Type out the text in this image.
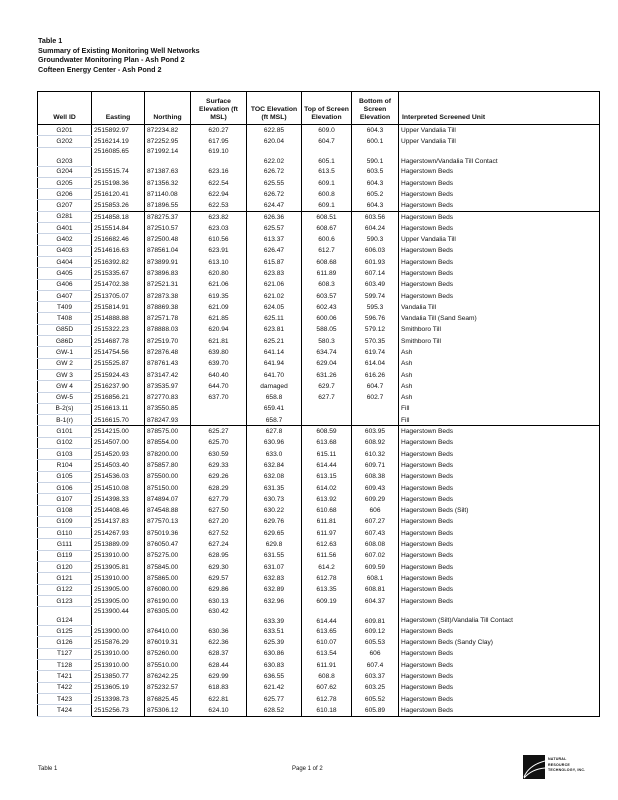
Table 1
Summary of Existing Monitoring Well Networks
Groundwater Monitoring Plan - Ash Pond 2
Cofteen Energy Center - Ash Pond 2
Well ID	Easting	Northing	Surface Elevation (ft MSL)	TOC Elevation (ft MSL)	Top of Screen Elevation	Bottom of Screen Elevation	Interpreted Screened Unit
G201	2515892.97	872234.82	620.27	622.85	609.0	604.3	Upper Vandalia Till
G202	2516214.19	872252.95	617.95	620.04	604.7	600.1	Upper Vandalia Till
G203	2516085.65	871992.14	619.10	622.02	605.1	590.1	Hagerstown/Vandalia Till Contact
G204	2515515.74	871387.63	623.16	626.72	613.5	603.5	Hagerstown Beds
G205	2515198.36	871356.32	622.54	625.55	609.1	604.3	Hagerstown Beds
G206	2516120.41	871140.08	622.94	626.72	600.8	605.2	Hagerstown Beds
G207	2515853.26	871896.55	622.53	624.47	609.1	604.3	Hagerstown Beds
G281	2514858.18	878275.37	623.82	626.36	608.51	603.56	Hagerstown Beds
G401	2515514.84	872510.57	623.03	625.57	608.67	604.24	Hagerstown Beds
G402	2516682.46	872500.48	610.56	613.37	600.6	590.3	Upper Vandalia Till
G403	2514616.63	878561.04	623.91	626.47	612.7	606.03	Hagerstown Beds
G404	2516392.82	873899.91	613.10	615.87	608.68	601.93	Hagerstown Beds
G405	2515335.67	873896.83	620.80	623.83	611.89	607.14	Hagerstown Beds
G406	2514702.38	872521.31	621.06	621.06	608.3	603.49	Hagerstown Beds
G407	2513705.07	872873.38	619.35	621.02	603.57	599.74	Hagerstown Beds
T409	2515814.91	878869.38	621.09	624.05	602.43	595.3	Vandalia Till
T408	2514888.88	872571.78	621.85	625.11	600.06	596.76	Vandalia Till (Sand Seam)
G85D	2515322.23	878888.03	620.94	623.81	588.05	579.12	Smithboro Till
G86D	2514687.78	872519.70	621.81	625.21	580.3	570.35	Smithboro Till
GW-1	2514754.56	872876.48	639.80	641.14	634.74	619.74	Ash
GW 2	2515525.87	878761.43	639.70	641.94	629.04	614.04	Ash
GW 3	2515924.43	873147.42	640.40	641.70	631.26	616.26	Ash
GW 4	2516237.90	873535.97	644.70	damaged	629.7	604.7	Ash
GW-5	2516856.21	872770.83	637.70	658.8	627.7	602.7	Ash
B-2(s)	2516613.11	873550.85		659.41			Fill
B-1(r)	2516615.70	878247.93		658.7			Fill
G101	2514215.00	878575.00	625.27	627.8	608.59	603.95	Hagerstown Beds
G102	2514507.00	878554.00	625.70	630.96	613.68	608.92	Hagerstown Beds
G103	2514520.93	878200.00	630.59	633.0	615.11	610.32	Hagerstown Beds
R104	2514503.40	875857.80	629.33	632.84	614.44	609.71	Hagerstown Beds
G105	2514536.03	875500.00	629.26	632.08	613.15	608.38	Hagerstown Beds
G106	2514510.08	875150.00	628.29	631.35	614.02	609.43	Hagerstown Beds
G107	2514398.33	874894.07	627.79	630.73	613.92	609.29	Hagerstown Beds
G108	2514408.46	874548.88	627.50	630.22	610.68	606	Hagerstown Beds (Silt)
G109	2514137.83	877570.13	627.20	629.76	611.81	607.27	Hagerstown Beds
G110	2514267.93	875019.36	627.52	629.65	611.97	607.43	Hagerstown Beds
G111	2513889.09	876050.47	627.24	629.8	612.63	608.08	Hagerstown Beds
G119	2513910.00	875275.00	628.95	631.55	611.56	607.02	Hagerstown Beds
G120	2513905.81	875845.00	629.30	631.07	614.2	609.59	Hagerstown Beds
G121	2513910.00	875865.00	629.57	632.83	612.78	608.1	Hagerstown Beds
G122	2513905.00	876080.00	629.86	632.89	613.35	608.81	Hagerstown Beds
G123	2513905.00	876190.00	630.13	632.96	609.19	604.37	Hagerstown Beds
G124	2513900.44	876305.00	630.42	633.39	614.44	609.81	Hagerstown (Silt)/Vandalia Till Contact
G125	2513900.00	876410.00	630.36	633.51	613.65	609.12	Hagerstown Beds
G126	2515876.29	876019.31	622.36	625.39	610.07	605.53	Hagerstown Beds (Sandy Clay)
T127	2513910.00	875260.00	628.37	630.86	613.54	606	Hagerstown Beds
T128	2513910.00	875510.00	628.44	630.83	611.91	607.4	Hagerstown Beds
T421	2513850.77	876242.25	629.99	636.55	608.8	603.37	Hagerstown Beds
T422	2513605.19	875232.57	618.83	621.42	607.62	603.25	Hagerstown Beds
T423	2513398.73	876825.45	622.81	625.77	612.78	605.52	Hagerstown Beds
T424	2515256.73	875306.12	624.10	628.52	610.18	605.89	Hagerstown Beds
Table 1	Page 1 of 2
NATURAL
RESOURCE
TECHNOLOGY, INC.
